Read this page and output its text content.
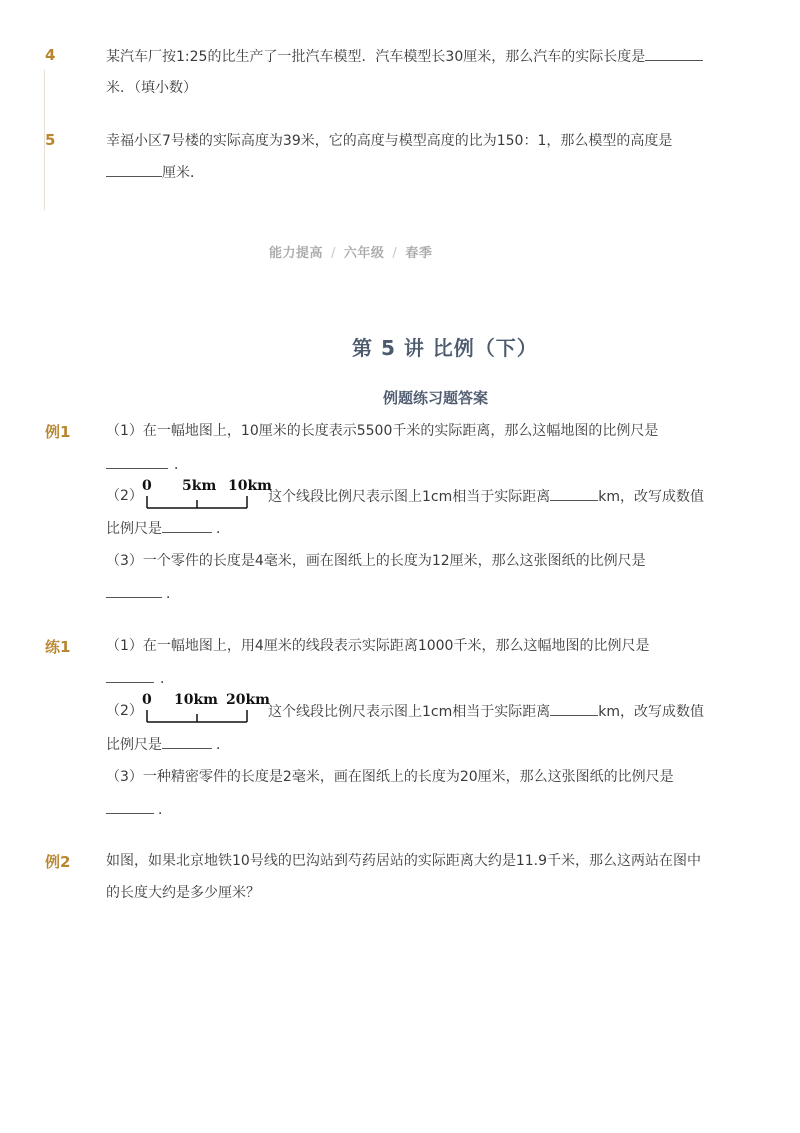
4	某汽车厂按1:25的比生产了一批汽车模型．汽车模型长30厘米，那么汽车的实际长度是
米．（填小数）
5	幸福小区7号楼的实际高度为39米，它的高度与模型高度的比为150：1，那么模型的高度是
厘米．
能力提高 / 六年级 / 春季
第 5 讲 比例（下）
例题练习题答案
例1	（1）在一幅地图上，10厘米的长度表示5500千米的实际距离，那么这幅地图的比例尺是
．
（2）
0 5km 10km
这个线段比例尺表示图上1cm相当于实际距离	km，改写成数值
比例尺是	．
（3）一个零件的长度是4毫米，画在图纸上的长度为12厘米，那么这张图纸的比例尺是
．
练1	（1）在一幅地图上，用4厘米的线段表示实际距离1000千米，那么这幅地图的比例尺是
．
（2）
0 10km 20km
这个线段比例尺表示图上1cm相当于实际距离	km，改写成数值
比例尺是	．
（3）一种精密零件的长度是2毫米，画在图纸上的长度为20厘米，那么这张图纸的比例尺是
．
例2	如图，如果北京地铁10号线的巴沟站到芍药居站的实际距离大约是11.9千米，那么这两站在图中
的长度大约是多少厘米？
